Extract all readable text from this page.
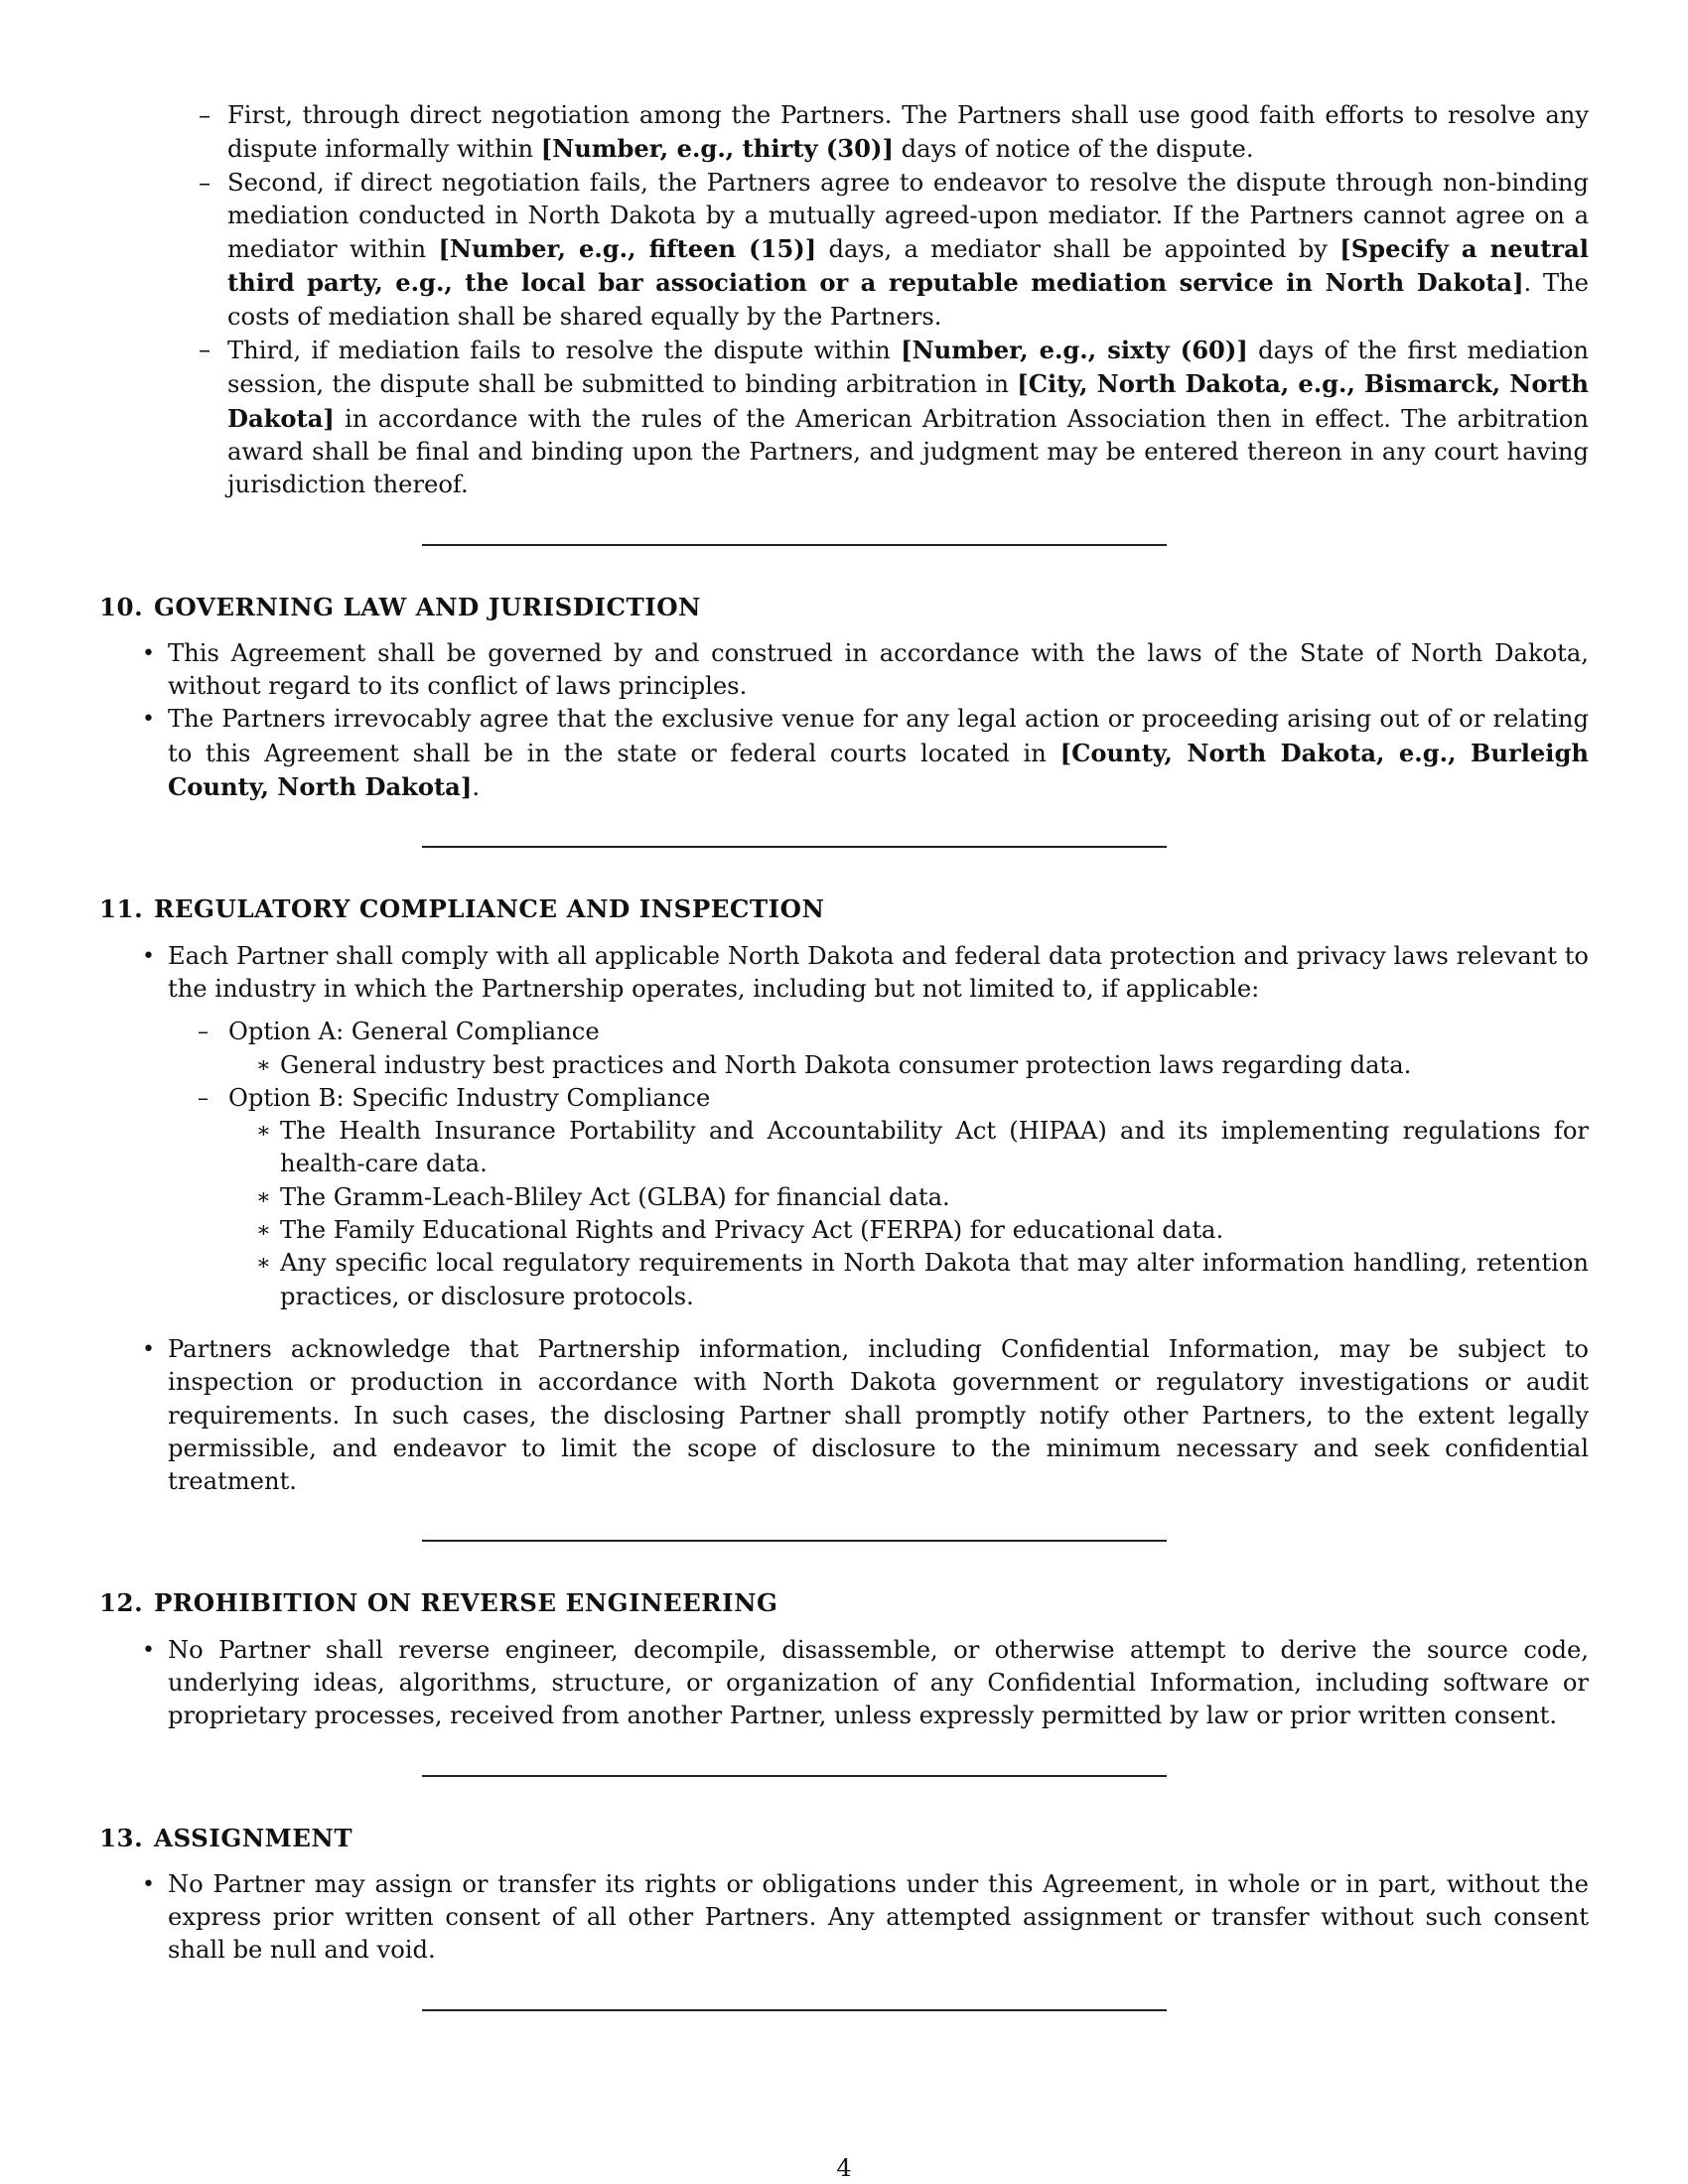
– First, through direct negotiation among the Partners. The Partners shall use good faith efforts to resolve any dispute informally within [Number, e.g., thirty (30)] days of notice of the dispute.
– Second, if direct negotiation fails, the Partners agree to endeavor to resolve the dispute through non-binding mediation conducted in North Dakota by a mutually agreed-upon mediator. If the Partners cannot agree on a mediator within [Number, e.g., fifteen (15)] days, a mediator shall be appointed by [Specify a neutral third party, e.g., the local bar association or a reputable mediation service in North Dakota]. The costs of mediation shall be shared equally by the Partners.
– Third, if mediation fails to resolve the dispute within [Number, e.g., sixty (60)] days of the first mediation session, the dispute shall be submitted to binding arbitration in [City, North Dakota, e.g., Bismarck, North Dakota] in accordance with the rules of the American Arbitration Association then in effect. The arbitration award shall be final and binding upon the Partners, and judgment may be entered thereon in any court having jurisdiction thereof.
10. GOVERNING LAW AND JURISDICTION
• This Agreement shall be governed by and construed in accordance with the laws of the State of North Dakota, without regard to its conflict of laws principles.
• The Partners irrevocably agree that the exclusive venue for any legal action or proceeding arising out of or relating to this Agreement shall be in the state or federal courts located in [County, North Dakota, e.g., Burleigh County, North Dakota].
11. REGULATORY COMPLIANCE AND INSPECTION
• Each Partner shall comply with all applicable North Dakota and federal data protection and privacy laws relevant to the industry in which the Partnership operates, including but not limited to, if applicable:
– Option A: General Compliance
∗ General industry best practices and North Dakota consumer protection laws regarding data.
– Option B: Specific Industry Compliance
∗ The Health Insurance Portability and Accountability Act (HIPAA) and its implementing regulations for health-care data.
∗ The Gramm-Leach-Bliley Act (GLBA) for financial data.
∗ The Family Educational Rights and Privacy Act (FERPA) for educational data.
∗ Any specific local regulatory requirements in North Dakota that may alter information handling, retention practices, or disclosure protocols.
• Partners acknowledge that Partnership information, including Confidential Information, may be subject to inspection or production in accordance with North Dakota government or regulatory investigations or audit requirements. In such cases, the disclosing Partner shall promptly notify other Partners, to the extent legally permissible, and endeavor to limit the scope of disclosure to the minimum necessary and seek confidential treatment.
12. PROHIBITION ON REVERSE ENGINEERING
• No Partner shall reverse engineer, decompile, disassemble, or otherwise attempt to derive the source code, underlying ideas, algorithms, structure, or organization of any Confidential Information, including software or proprietary processes, received from another Partner, unless expressly permitted by law or prior written consent.
13. ASSIGNMENT
• No Partner may assign or transfer its rights or obligations under this Agreement, in whole or in part, without the express prior written consent of all other Partners. Any attempted assignment or transfer without such consent shall be null and void.
4
